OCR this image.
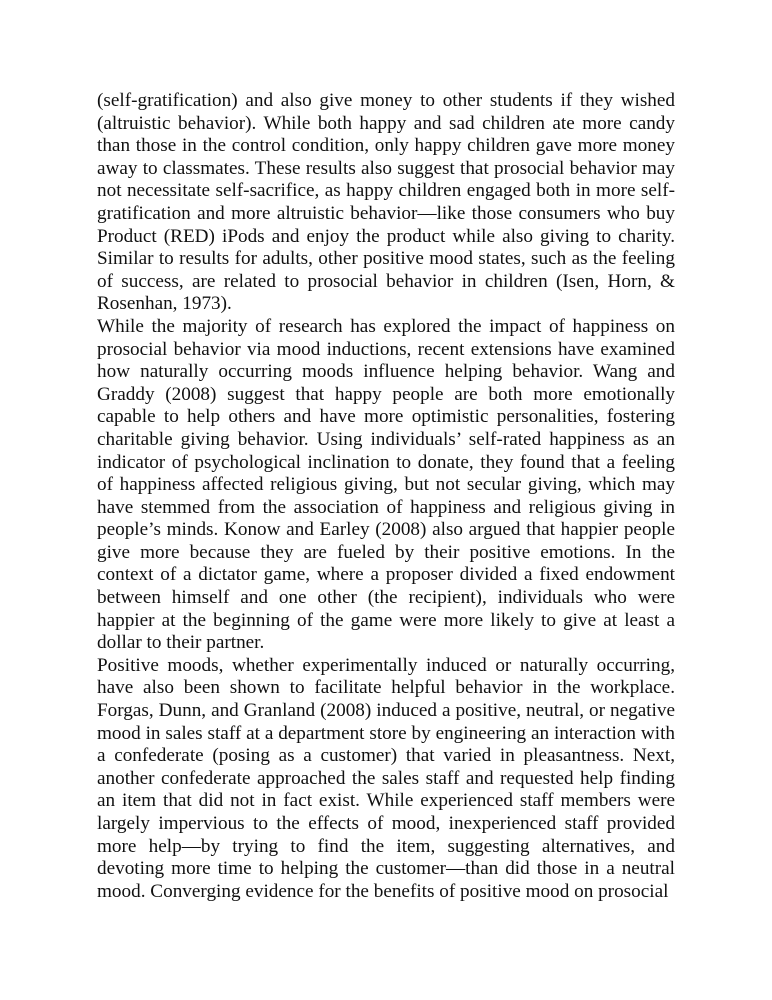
(self-gratification) and also give money to other students if they wished (altruistic behavior). While both happy and sad children ate more candy than those in the control condition, only happy children gave more money away to classmates. These results also suggest that prosocial behavior may not necessitate self-sacrifice, as happy children engaged both in more self-gratification and more altruistic behavior—like those consumers who buy Product (RED) iPods and enjoy the product while also giving to charity. Similar to results for adults, other positive mood states, such as the feeling of success, are related to prosocial behavior in children (Isen, Horn, & Rosenhan, 1973).

While the majority of research has explored the impact of happiness on prosocial behavior via mood inductions, recent extensions have examined how naturally occurring moods influence helping behavior. Wang and Graddy (2008) suggest that happy people are both more emotionally capable to help others and have more optimistic personalities, fostering charitable giving behavior. Using individuals’ self-rated happiness as an indicator of psychological inclination to donate, they found that a feeling of happiness affected religious giving, but not secular giving, which may have stemmed from the association of happiness and religious giving in people’s minds. Konow and Earley (2008) also argued that happier people give more because they are fueled by their positive emotions. In the context of a dictator game, where a proposer divided a fixed endowment between himself and one other (the recipient), individuals who were happier at the beginning of the game were more likely to give at least a dollar to their partner.

Positive moods, whether experimentally induced or naturally occurring, have also been shown to facilitate helpful behavior in the workplace. Forgas, Dunn, and Granland (2008) induced a positive, neutral, or negative mood in sales staff at a department store by engineering an interaction with a confederate (posing as a customer) that varied in pleasantness. Next, another confederate approached the sales staff and requested help finding an item that did not in fact exist. While experienced staff members were largely impervious to the effects of mood, inexperienced staff provided more help—by trying to find the item, suggesting alternatives, and devoting more time to helping the customer—than did those in a neutral mood. Converging evidence for the benefits of positive mood on prosocial
